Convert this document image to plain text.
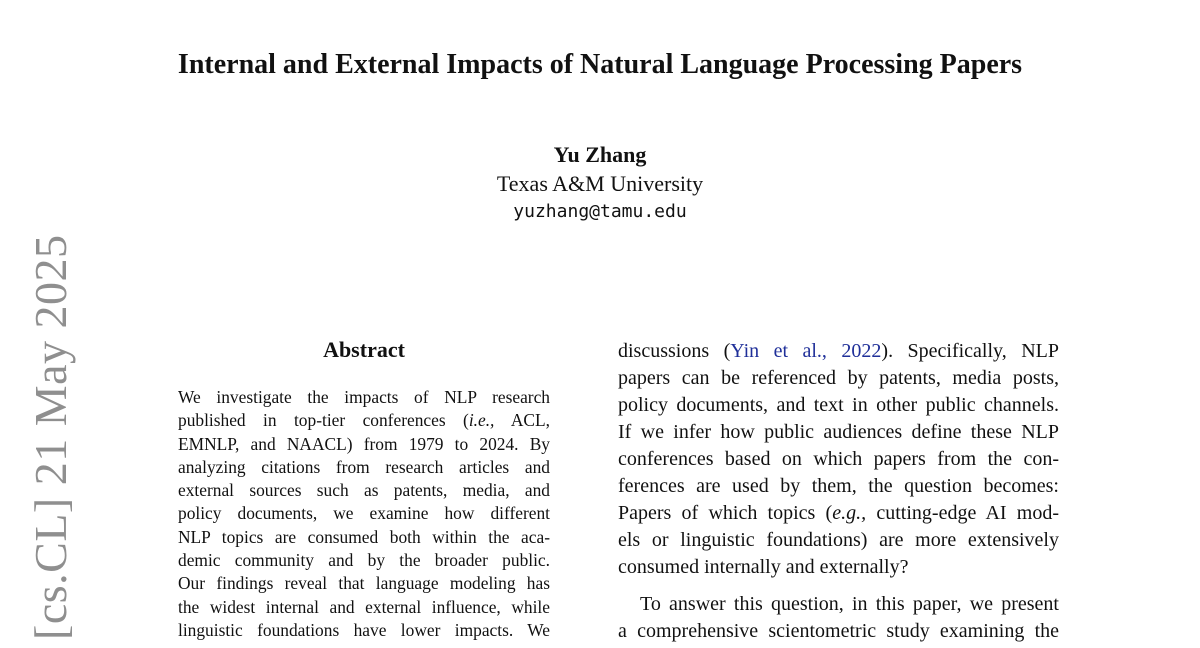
[cs.CL] 21 May 2025
Internal and External Impacts of Natural Language Processing Papers
Yu Zhang
Texas A&M University
yuzhang@tamu.edu
Abstract
We investigate the impacts of NLP research
published in top-tier conferences (i.e., ACL,
EMNLP, and NAACL) from 1979 to 2024. By
analyzing citations from research articles and
external sources such as patents, media, and
policy documents, we examine how different
NLP topics are consumed both within the aca-
demic community and by the broader public.
Our findings reveal that language modeling has
the widest internal and external influence, while
linguistic foundations have lower impacts. We
discussions (Yin et al., 2022). Specifically, NLP
papers can be referenced by patents, media posts,
policy documents, and text in other public channels.
If we infer how public audiences define these NLP
conferences based on which papers from the con-
ferences are used by them, the question becomes:
Papers of which topics (e.g., cutting-edge AI mod-
els or linguistic foundations) are more extensively
consumed internally and externally?
To answer this question, in this paper, we present
a comprehensive scientometric study examining the
